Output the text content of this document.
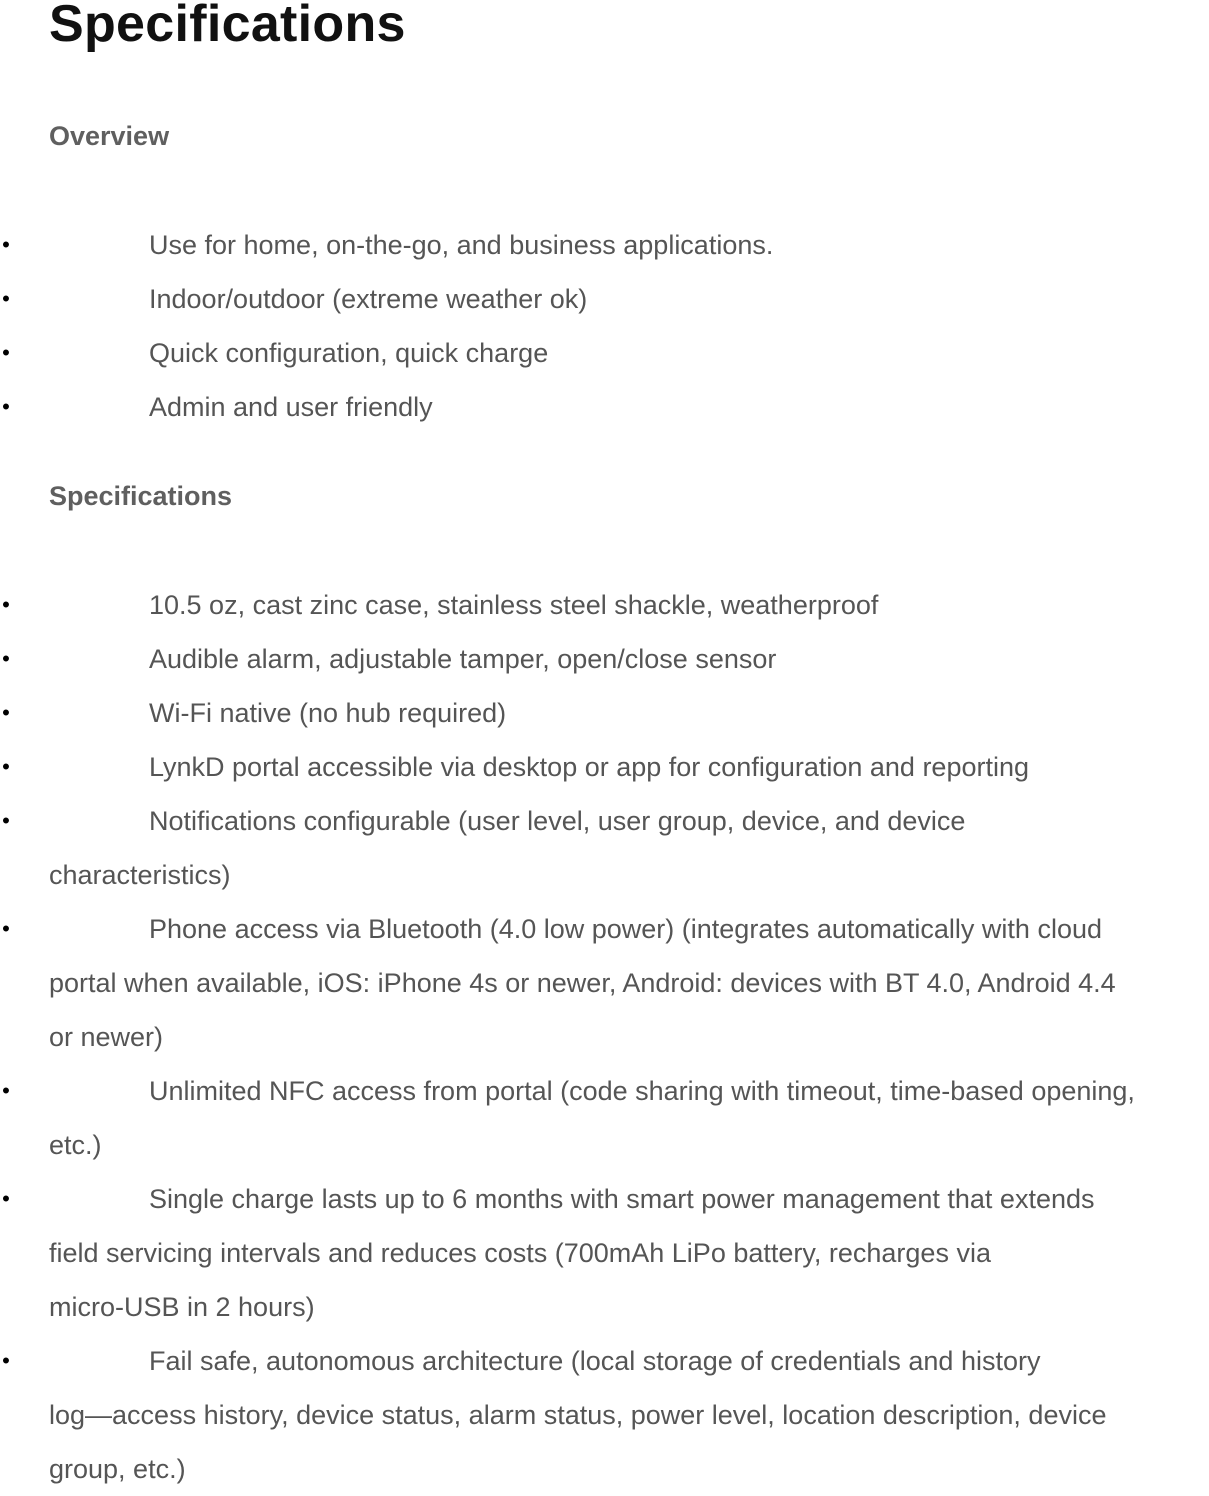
Specifications
Overview
•	Use for home, on-the-go, and business applications.
•	Indoor/outdoor (extreme weather ok)
•	Quick configuration, quick charge
•	Admin and user friendly
Specifications
•	10.5 oz, cast zinc case, stainless steel shackle, weatherproof
•	Audible alarm, adjustable tamper, open/close sensor
•	Wi-Fi native (no hub required)
•	LynkD portal accessible via desktop or app for configuration and reporting
•	Notifications configurable (user level, user group, device, and device
characteristics)
•	Phone access via Bluetooth (4.0 low power) (integrates automatically with cloud
portal when available, iOS: iPhone 4s or newer, Android: devices with BT 4.0, Android 4.4
or newer)
•	Unlimited NFC access from portal (code sharing with timeout, time-based opening,
etc.)
•	Single charge lasts up to 6 months with smart power management that extends
field servicing intervals and reduces costs (700mAh LiPo battery, recharges via
micro-USB in 2 hours)
•	Fail safe, autonomous architecture (local storage of credentials and history
log—access history, device status, alarm status, power level, location description, device
group, etc.)
